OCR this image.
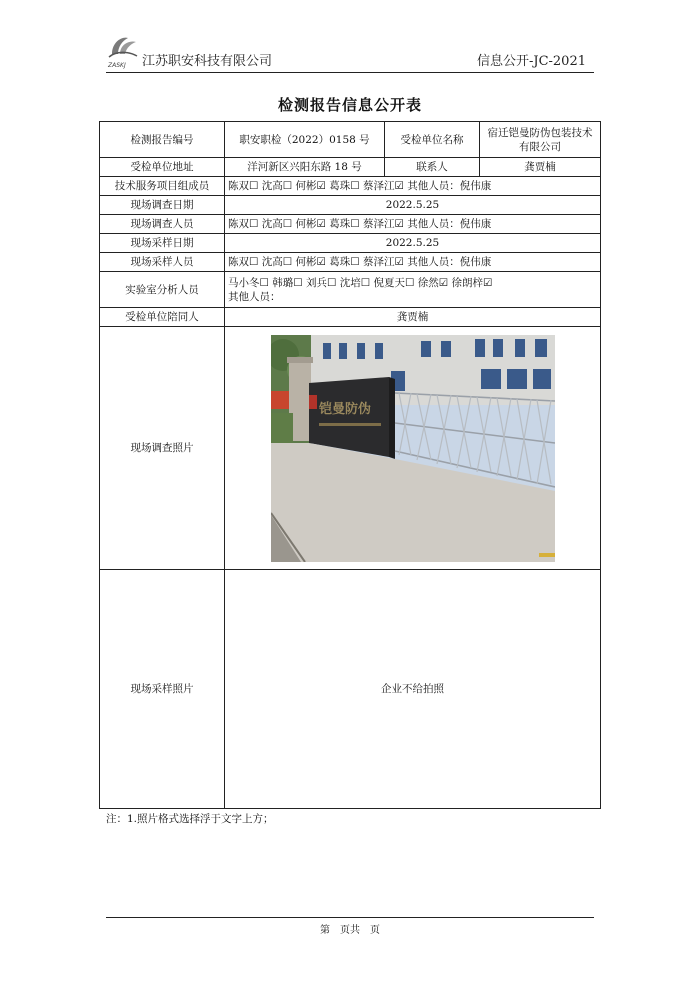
ZASKJ 江苏职安科技有限公司	信息公开-JC-2021
检测报告信息公开表
检测报告编号	职安职检（2022）0158 号	受检单位名称	宿迁铠曼防伪包装技术有限公司
受检单位地址	洋河新区兴阳东路 18 号	联系人	龚贾楠
技术服务项目组成员	陈双☐ 沈高☐ 何彬☑ 葛珠☐ 蔡泽江☑ 其他人员：倪伟康		
现场调查日期	2022.5.25		
现场调查人员	陈双☐ 沈高☐ 何彬☑ 葛珠☐ 蔡泽江☑ 其他人员：倪伟康		
现场采样日期	2022.5.25		
现场采样人员	陈双☐ 沈高☐ 何彬☑ 葛珠☐ 蔡泽江☑ 其他人员：倪伟康		
实验室分析人员	马小冬☐ 韩璐☐ 刘兵☐ 沈培☐ 倪夏天☐ 徐然☑ 徐朗梓☑
其他人员：		

受检单位陪同人	龚贾楠		
现场调查照片	铠曼防伪		

现场采样照片	企业不给拍照		
注：1.照片格式选择浮于文字上方；
第　页共　页
